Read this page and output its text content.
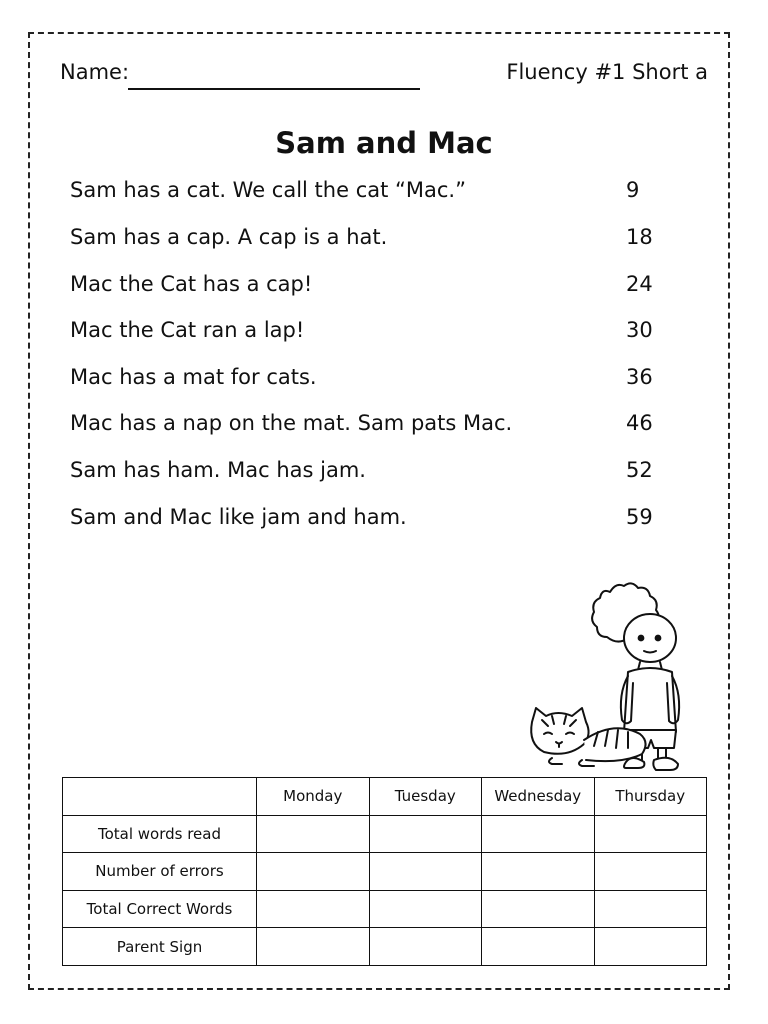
Name:	Fluency #1 Short a
Sam and Mac
Sam has a cat. We call the cat “Mac.”	9
Sam has a cap. A cap is a hat.	18
Mac the Cat has a cap!	24
Mac the Cat ran a lap!	30
Mac has a mat for cats.	36
Mac has a nap on the mat. Sam pats Mac.	46
Sam has ham. Mac has jam.	52
Sam and Mac like jam and ham.	59
	Monday	Tuesday	Wednesday	Thursday
Total words read				
Number of errors				
Total Correct Words				
Parent Sign				
